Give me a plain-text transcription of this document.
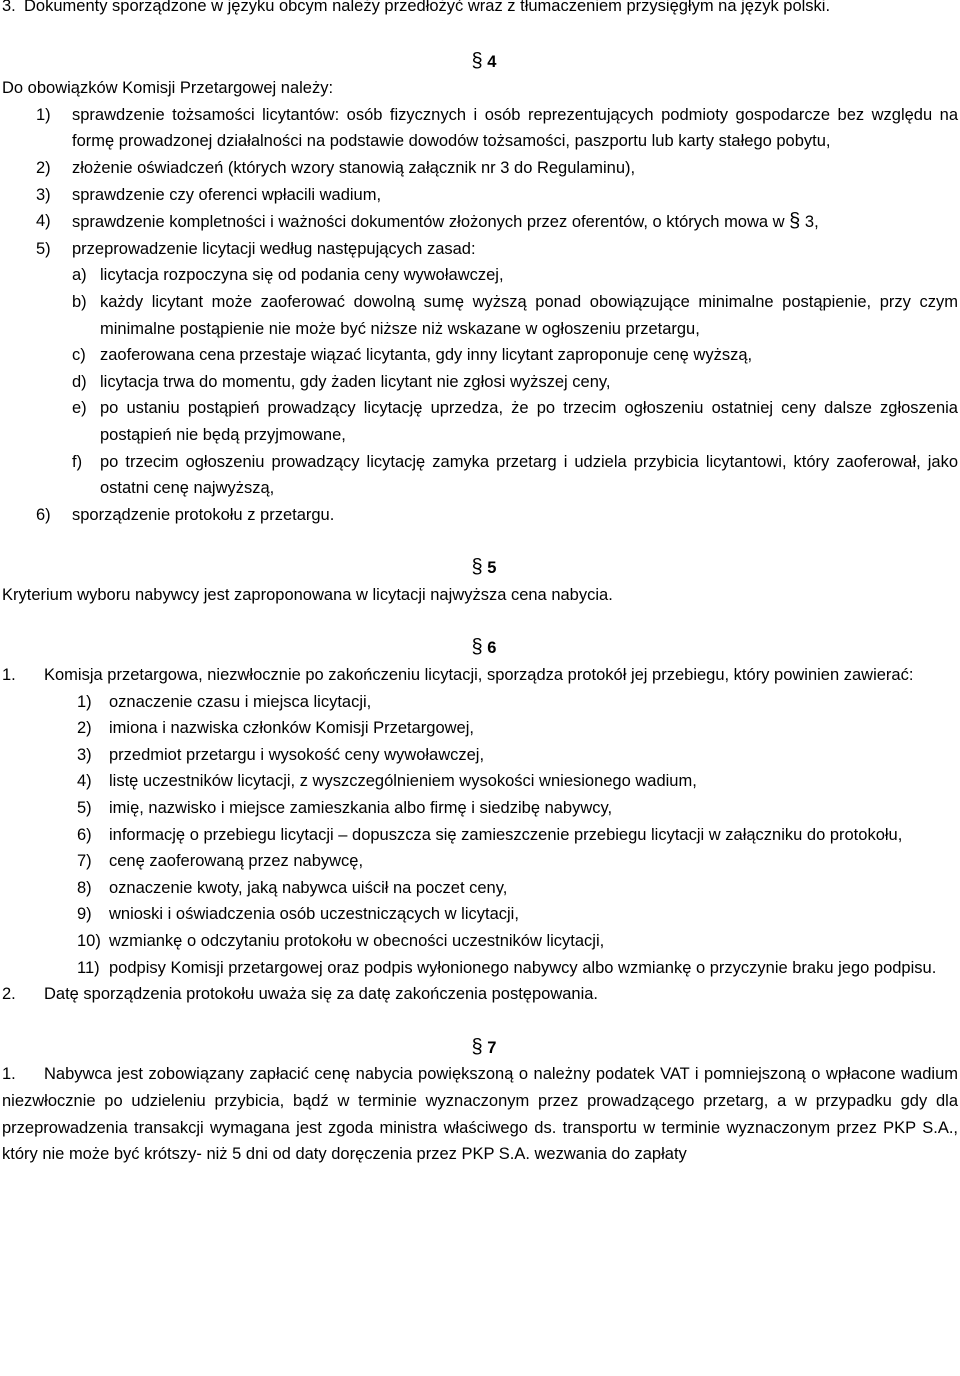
3. Dokumenty sporządzone w języku obcym należy przedłożyć wraz z tłumaczeniem przysięgłym na język polski.
§ 4
Do obowiązków Komisji Przetargowej należy:
1)	sprawdzenie tożsamości licytantów: osób fizycznych i osób reprezentujących podmioty gospodarcze bez względu na formę prowadzonej działalności na podstawie dowodów tożsamości, paszportu lub karty stałego pobytu,
2)	złożenie oświadczeń (których wzory stanowią załącznik nr 3 do Regulaminu),
3)	sprawdzenie czy oferenci wpłacili wadium,
4)	sprawdzenie kompletności i ważności dokumentów złożonych przez oferentów, o których mowa w § 3,
5)	przeprowadzenie licytacji według następujących zasad:
a) licytacja rozpoczyna się od podania ceny wywoławczej,
b) każdy licytant może zaoferować dowolną sumę wyższą ponad obowiązujące minimalne postąpienie, przy czym minimalne postąpienie nie może być niższe niż wskazane w ogłoszeniu przetargu,
c) zaoferowana cena przestaje wiązać licytanta, gdy inny licytant zaproponuje cenę wyższą,
d) licytacja trwa do momentu, gdy żaden licytant nie zgłosi wyższej ceny,
e) po ustaniu postąpień prowadzący licytację uprzedza, że po trzecim ogłoszeniu ostatniej ceny dalsze zgłoszenia postąpień nie będą przyjmowane,
f)	po trzecim ogłoszeniu prowadzący licytację zamyka przetarg i udziela przybicia licytantowi, który zaoferował, jako ostatni cenę najwyższą,
6)	sporządzenie protokołu z przetargu.
§ 5
Kryterium wyboru nabywcy jest zaproponowana w licytacji najwyższa cena nabycia.
§ 6
1.	Komisja przetargowa, niezwłocznie po zakończeniu licytacji, sporządza protokół jej przebiegu, który powinien zawierać:
1)	oznaczenie czasu i miejsca licytacji,
2)	imiona i nazwiska członków Komisji Przetargowej,
3)	przedmiot przetargu i wysokość ceny wywoławczej,
4)	listę uczestników licytacji, z wyszczególnieniem wysokości wniesionego wadium,
5)	imię, nazwisko i miejsce zamieszkania albo firmę i siedzibę nabywcy,
6)	informację o przebiegu licytacji – dopuszcza się zamieszczenie przebiegu licytacji w załączniku do protokołu,
7)	cenę zaoferowaną przez nabywcę,
8)	oznaczenie kwoty, jaką nabywca uiścił na poczet ceny,
9)	wnioski i oświadczenia osób uczestniczących w licytacji,
10) wzmiankę o odczytaniu protokołu w obecności uczestników licytacji,
11) podpisy Komisji przetargowej oraz podpis wyłonionego nabywcy albo wzmiankę o przyczynie braku jego podpisu.
2.	Datę sporządzenia protokołu uważa się za datę zakończenia postępowania.
§ 7
1. Nabywca jest zobowiązany zapłacić cenę nabycia powiększoną o należny podatek VAT i pomniejszoną o wpłacone wadium niezwłocznie po udzieleniu przybicia, bądź w terminie wyznaczonym przez prowadzącego przetarg, a w przypadku gdy dla przeprowadzenia transakcji wymagana jest zgoda ministra właściwego ds. transportu w terminie wyznaczonym przez PKP S.A., który nie może być krótszy- niż 5 dni od daty doręczenia przez PKP S.A. wezwania do zapłaty
